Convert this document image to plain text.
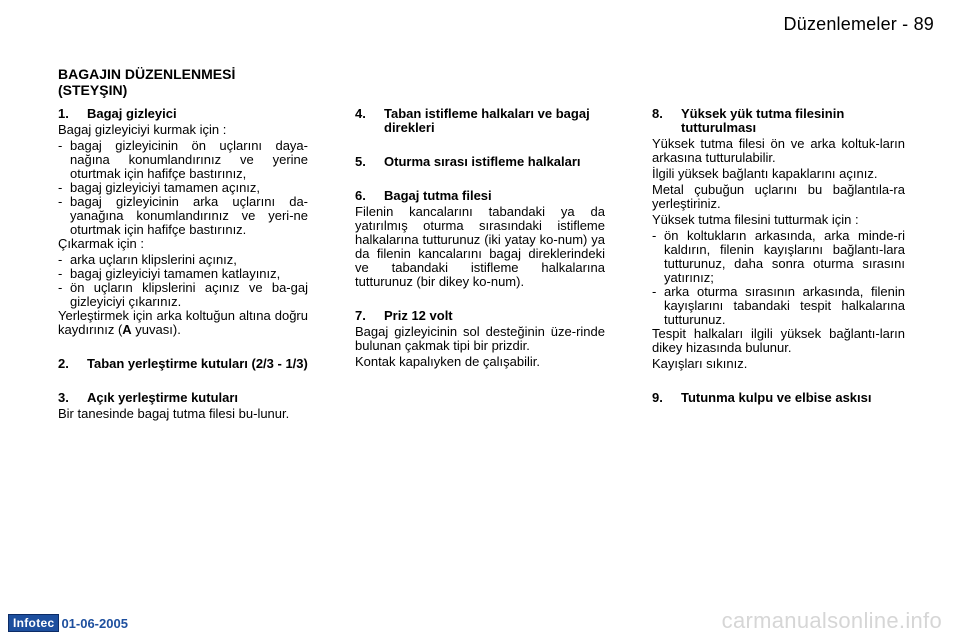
Düzenlemeler - 89
BAGAJIN DÜZENLENMESİ
(STEYŞIN)
1.	Bagaj gizleyici
Bagaj gizleyiciyi kurmak için :
- bagaj gizleyicinin ön uçlarını daya-nağına konumlandırınız ve yerine oturtmak için hafifçe bastırınız,
- bagaj gizleyiciyi tamamen açınız,
- bagaj gizleyicinin arka uçlarını da-yanağına konumlandırınız ve yeri-ne oturtmak için hafifçe bastırınız.
Çıkarmak için :
- arka uçların klipslerini açınız,
- bagaj gizleyiciyi tamamen katlayınız,
- ön uçların klipslerini açınız ve ba-gaj gizleyiciyi çıkarınız.
Yerleştirmek için arka koltuğun altına doğru kaydırınız (A yuvası).
2.	Taban yerleştirme kutuları (2/3 - 1/3)
3.	Açık yerleştirme kutuları
Bir tanesinde bagaj tutma filesi bu-lunur.
4.	Taban istifleme halkaları ve bagaj direkleri
5.	Oturma sırası istifleme halkaları
6.	Bagaj tutma filesi
Filenin kancalarını tabandaki ya da yatırılmış oturma sırasındaki istifleme halkalarına tutturunuz (iki yatay ko-num) ya da filenin kancalarını bagaj direklerindeki ve tabandaki istifleme halkalarına tutturunuz (bir dikey ko-num).
7.	Priz 12 volt
Bagaj gizleyicinin sol desteğinin üze-rinde bulunan çakmak tipi bir prizdir.
Kontak kapalıyken de çalışabilir.
8.	Yüksek yük tutma filesinin tutturulması
Yüksek tutma filesi ön ve arka koltuk-ların arkasına tutturulabilir.
İlgili yüksek bağlantı kapaklarını açınız.
Metal çubuğun uçlarını bu bağlantıla-ra yerleştiriniz.
Yüksek tutma filesini tutturmak için :
- ön koltukların arkasında, arka minde-ri kaldırın, filenin kayışlarını bağlantı-lara tutturunuz, daha sonra oturma sırasını yatırınız;
- arka oturma sırasının arkasında, filenin kayışlarını tabandaki tespit halkalarına tutturunuz.
Tespit halkaları ilgili yüksek bağlantı-ların dikey hizasında bulunur.
Kayışları sıkınız.
9.	Tutunma kulpu ve elbise askısı
Infotec 01-06-2005	carmanualsonline.info
